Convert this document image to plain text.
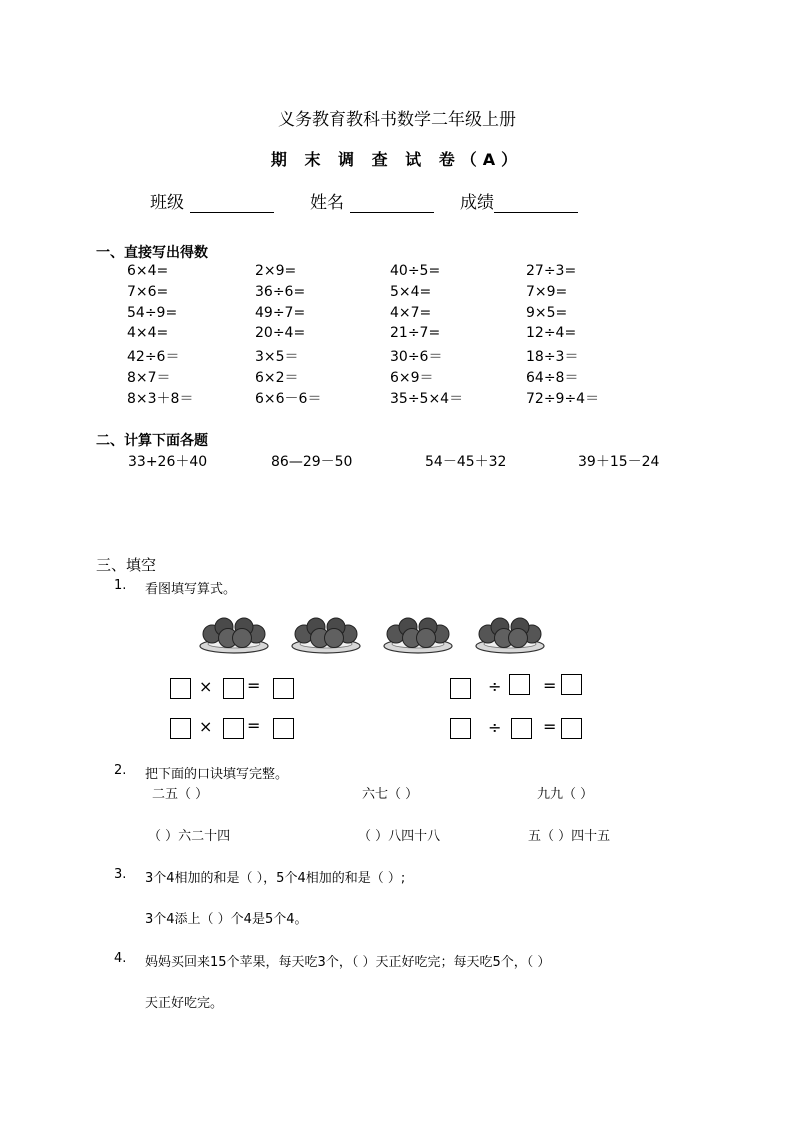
义务教育教科书数学二年级上册
期 末 调 查 试 卷（A）
班级	姓名	成绩
一、直接写出得数
6×4=	2×9=	40÷5=	27÷3=
7×6=	36÷6=	5×4=	7×9=
54÷9=	49÷7=	4×7=	9×5=
4×4=	20÷4=	21÷7=	12÷4=
42÷6＝	3×5＝	30÷6＝	18÷3＝
8×7＝	6×2＝	6×9＝	64÷8＝
8×3＋8＝	6×6－6＝	35÷5×4＝	72÷9÷4＝
二、计算下面各题
33+26＋40	86—29－50	54－45＋32	39＋15－24
三、填空
1. 看图填写算式。
× =
× =
÷	=
÷	=
2. 把下面的口诀填写完整。
二五（ ）	六七（ ）	九九（ ）
（ ）六二十四	（ ）八四十八	五（ ）四十五
3. 3个4相加的和是（ ），5个4相加的和是（ ）;
3个4添上（ ）个4是5个4。
4. 妈妈买回来15个苹果，每天吃3个，（ ）天正好吃完；每天吃5个，（ ）
天正好吃完。
